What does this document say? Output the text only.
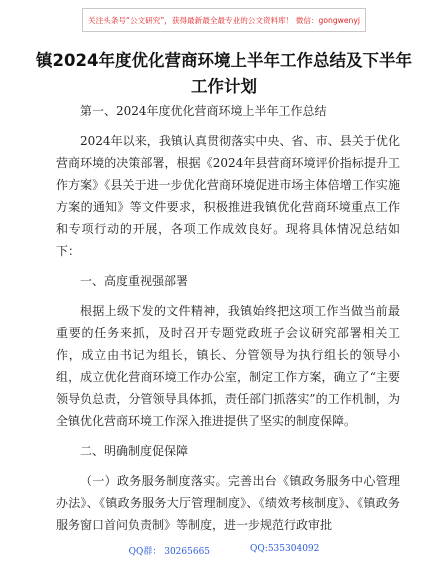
关注头条号“公文研究”，获得最新最全最专业的公文资料库！ 微信：gongwenyj
镇2024年度优化营商环境上半年工作总结及下半年工作计划

第一、2024年度优化营商环境上半年工作总结

2024年以来，我镇认真贯彻落实中央、省、市、县关于优化营商环境的决策部署，根据《2024年县营商环境评价指标提升工作方案》《县关于进一步优化营商环境促进市场主体倍增工作实施方案的通知》等文件要求，积极推进我镇优化营商环境重点工作和专项行动的开展，各项工作成效良好。现将具体情况总结如下：

一、高度重视强部署

根据上级下发的文件精神，我镇始终把这项工作当做当前最重要的任务来抓，及时召开专题党政班子会议研究部署相关工作，成立由书记为组长，镇长、分管领导为执行组长的领导小组，成立优化营商环境工作办公室，制定工作方案，确立了“主要领导负总责，分管领导具体抓，责任部门抓落实”的工作机制，为全镇优化营商环境工作深入推进提供了坚实的制度保障。

二、明确制度促保障

（一）政务服务制度落实。完善出台《镇政务服务中心管理办法》、《镇政务服务大厅管理制度》、《绩效考核制度》、《镇政务服务窗口首问负责制》等制度，进一步规范行政审批

QQ群： 30265665	QQ:535304092
